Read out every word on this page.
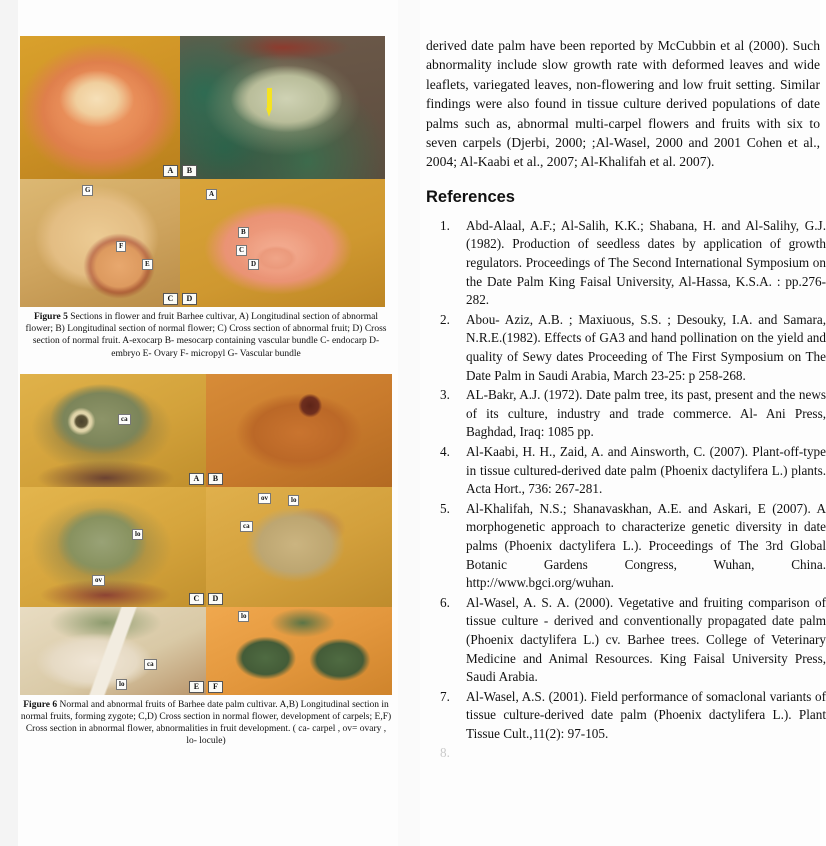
A	B
G
F
E
C
A
B
C
D
D
Figure 5 Sections in flower and fruit Barhee cultivar, A) Longitudinal section of abnormal flower; B) Longitudinal section of normal flower; C) Cross section of abnormal fruit; D) Cross section of normal fruit. A-exocarp B- mesocarp containing vascular bundle C- endocarp D- embryo E- Ovary F- micropyl G- Vascular bundle
ca
A	B
lo
ov
C
ov	lo
ca
D
ca
lo	E
lo
F
Figure 6 Normal and abnormal fruits of Barhee date palm cultivar. A,B) Longitudinal section in normal fruits, forming zygote; C,D) Cross section in normal flower, development of carpels; E,F) Cross section in abnormal flower, abnormalities in fruit development. ( ca- carpel , ov= ovary , lo- locule)

derived date palm have been reported by McCubbin et al (2000). Such abnormality include slow growth rate with deformed leaves and wide leaflets, variegated leaves, non-flowering and low fruit setting. Similar findings were also found in tissue culture derived populations of date palms such as, abnormal multi-carpel flowers and fruits with six to seven carpels (Djerbi, 2000; ;Al-Wasel, 2000 and 2001 Cohen et al., 2004; Al-Kaabi et al., 2007; Al-Khalifah et al. 2007).

References
1.	Abd-Alaal, A.F.; Al-Salih, K.K.; Shabana, H. and Al-Salihy, G.J. (1982). Production of seedless dates by application of growth regulators. Proceedings of The Second International Symposium on the Date Palm King Faisal University, Al-Hassa, K.S.A. : pp.276-282.
2.	Abou- Aziz, A.B. ; Maxiuous, S.S. ; Desouky, I.A. and Samara, N.R.E.(1982). Effects of GA3 and hand pollination on the yield and quality of Sewy dates Proceeding of The First Symposium on The Date Palm in Saudi Arabia, March 23-25: p 258-268.
3.	AL-Bakr, A.J. (1972). Date palm tree, its past, present and the news of its culture, industry and trade commerce. Al- Ani Press, Baghdad, Iraq: 1085 pp.
4.	Al-Kaabi, H. H., Zaid, A. and Ainsworth, C. (2007). Plant-off-type in tissue cultured-derived date palm (Phoenix dactylifera L.) plants. Acta Hort., 736: 267-281.
5.	Al-Khalifah, N.S.; Shanavaskhan, A.E. and Askari, E (2007). A morphogenetic approach to characterize genetic diversity in date palms (Phoenix dactylifera L.). Proceedings of The 3rd Global Botanic Gardens Congress, Wuhan, China. http://www.bgci.org/wuhan.
6.	Al-Wasel, A. S. A. (2000). Vegetative and fruiting comparison of tissue culture - derived and conventionally propagated date palm (Phoenix dactylifera L.) cv. Barhee trees. College of Veterinary Medicine and Animal Resources. King Faisal University Press, Saudi Arabia.
7.	Al-Wasel, A.S. (2001). Field performance of somaclonal variants of tissue culture-derived date palm (Phoenix dactylifera L.). Plant Tissue Cult.,11(2): 97-105.
8.
